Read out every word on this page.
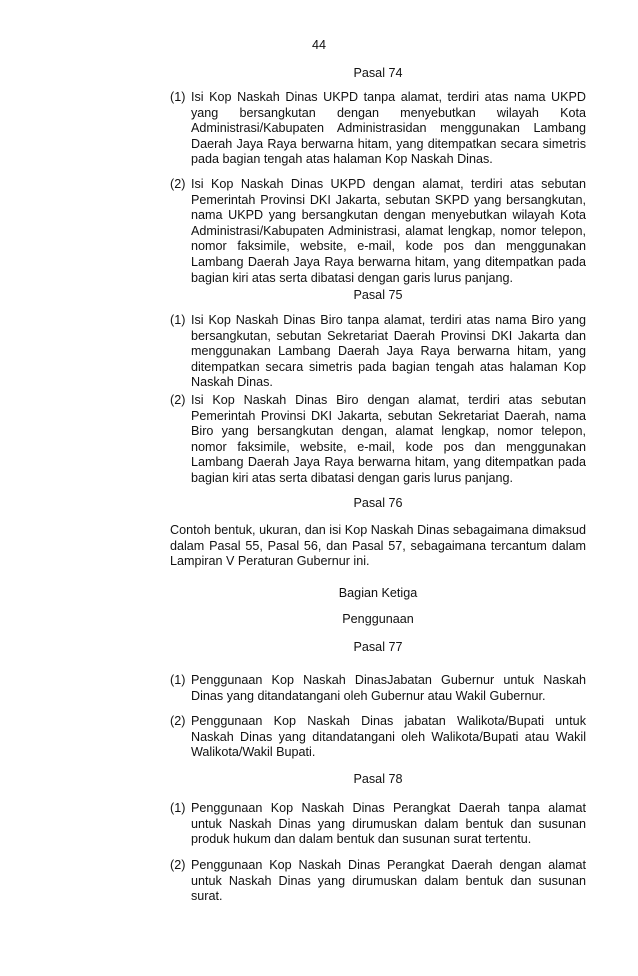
44
Pasal 74
(1) Isi Kop Naskah Dinas UKPD tanpa alamat, terdiri atas nama UKPD yang bersangkutan dengan menyebutkan wilayah Kota Administrasi/Kabupaten Administrasidan menggunakan Lambang Daerah Jaya Raya berwarna hitam, yang ditempatkan secara simetris pada bagian tengah atas halaman Kop Naskah Dinas.
(2) Isi Kop Naskah Dinas UKPD dengan alamat, terdiri atas sebutan Pemerintah Provinsi DKI Jakarta, sebutan SKPD yang bersangkutan, nama UKPD yang bersangkutan dengan menyebutkan wilayah Kota Administrasi/Kabupaten Administrasi, alamat lengkap, nomor telepon, nomor faksimile, website, e-mail, kode pos dan menggunakan Lambang Daerah Jaya Raya berwarna hitam, yang ditempatkan pada bagian kiri atas serta dibatasi dengan garis lurus panjang.
Pasal 75
(1) Isi Kop Naskah Dinas Biro tanpa alamat, terdiri atas nama Biro yang bersangkutan, sebutan Sekretariat Daerah Provinsi DKI Jakarta dan menggunakan Lambang Daerah Jaya Raya berwarna hitam, yang ditempatkan secara simetris pada bagian tengah atas halaman Kop Naskah Dinas.
(2) Isi Kop Naskah Dinas Biro dengan alamat, terdiri atas sebutan Pemerintah Provinsi DKI Jakarta, sebutan Sekretariat Daerah, nama Biro yang bersangkutan dengan, alamat lengkap, nomor telepon, nomor faksimile, website, e-mail, kode pos dan menggunakan Lambang Daerah Jaya Raya berwarna hitam, yang ditempatkan pada bagian kiri atas serta dibatasi dengan garis lurus panjang.
Pasal 76
Contoh bentuk, ukuran, dan isi Kop Naskah Dinas sebagaimana dimaksud dalam Pasal 55, Pasal 56, dan Pasal 57, sebagaimana tercantum dalam Lampiran V Peraturan Gubernur ini.
Bagian Ketiga
Penggunaan
Pasal 77
(1) Penggunaan Kop Naskah DinasJabatan Gubernur untuk Naskah Dinas yang ditandatangani oleh Gubernur atau Wakil Gubernur.
(2) Penggunaan Kop Naskah Dinas jabatan Walikota/Bupati untuk Naskah Dinas yang ditandatangani oleh Walikota/Bupati atau Wakil Walikota/Wakil Bupati.
Pasal 78
(1) Penggunaan Kop Naskah Dinas Perangkat Daerah tanpa alamat untuk Naskah Dinas yang dirumuskan dalam bentuk dan susunan produk hukum dan dalam bentuk dan susunan surat tertentu.
(2) Penggunaan Kop Naskah Dinas Perangkat Daerah dengan alamat untuk Naskah Dinas yang dirumuskan dalam bentuk dan susunan surat.
